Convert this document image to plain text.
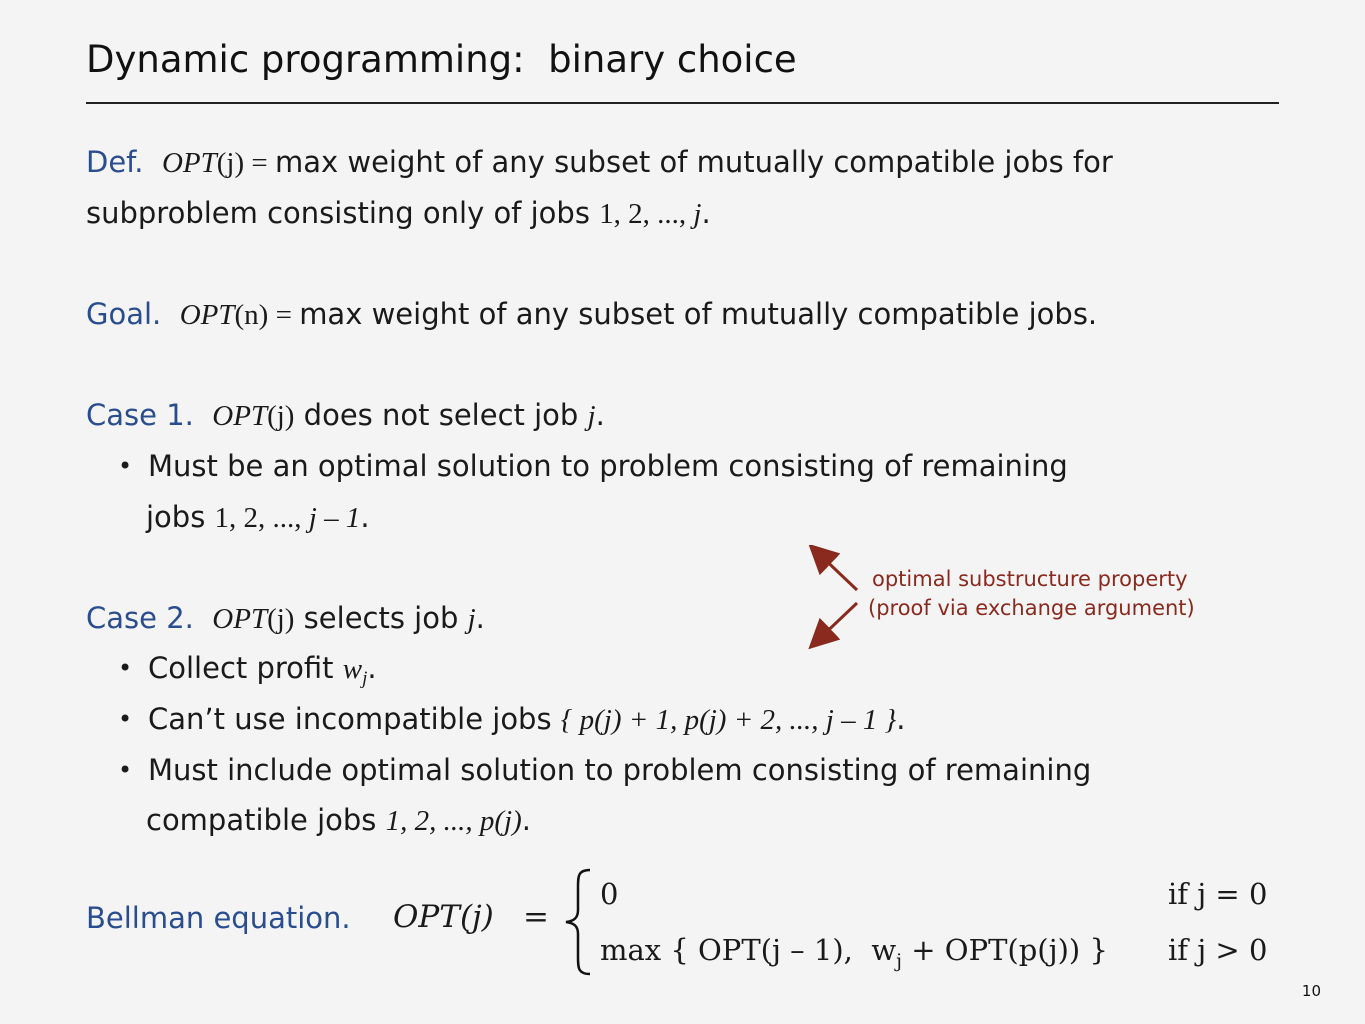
Dynamic programming:  binary choice
Def. OPT(j) = max weight of any subset of mutually compatible jobs for
subproblem consisting only of jobs 1, 2, ..., j.
Goal. OPT(n) = max weight of any subset of mutually compatible jobs.
Case 1. OPT(j) does not select job j.
• Must be an optimal solution to problem consisting of remaining
jobs 1, 2, ..., j – 1.
optimal substructure property
(proof via exchange argument)
Case 2. OPT(j) selects job j.
• Collect profit $w_j$.
• Can’t use incompatible jobs { p(j) + 1, p(j) + 2, ..., j – 1 }.
• Must include optimal solution to problem consisting of remaining
compatible jobs 1, 2, ..., p(j).
Bellman equation. OPT(j) =
0	if j = 0
max { OPT(j – 1),  $w_j + OPT(p(j))$ } if j > 0
10
